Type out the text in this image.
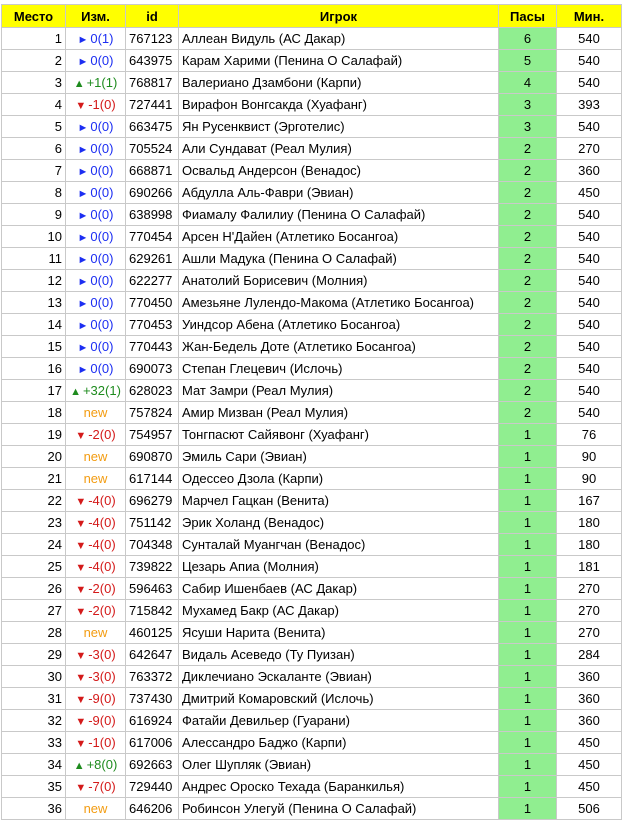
Место	Изм.	id	Игрок	Пасы	Мин.
1	► 0(1)	767123	Аллеан Видуль (АС Дакар)	6	540
2	► 0(0)	643975	Карам Харими (Пенина О Салафай)	5	540
3	▲ +1(1)	768817	Валериано Дзамбони (Карпи)	4	540
4	▼ -1(0)	727441	Вирафон Вонгсакда (Хуафанг)	3	393
5	► 0(0)	663475	Ян Русенквист (Эрготелис)	3	540
6	► 0(0)	705524	Али Сундават (Реал Мулия)	2	270
7	► 0(0)	668871	Освальд Андерсон (Венадос)	2	360
8	► 0(0)	690266	Абдулла Аль-Фаври (Эвиан)	2	450
9	► 0(0)	638998	Фиамалу Фалилиу (Пенина О Салафай)	2	540
10	► 0(0)	770454	Арсен Н'Дайен (Атлетико Босангоа)	2	540
11	► 0(0)	629261	Ашли Мадука (Пенина О Салафай)	2	540
12	► 0(0)	622277	Анатолий Борисевич (Молния)	2	540
13	► 0(0)	770450	Амезьяне Лулендо-Макома (Атлетико Босангоа)	2	540
14	► 0(0)	770453	Уиндсор Абена (Атлетико Босангоа)	2	540
15	► 0(0)	770443	Жан-Бедель Доте (Атлетико Босангоа)	2	540
16	► 0(0)	690073	Степан Глецевич (Ислочь)	2	540
17	▲ +32(1)	628023	Мат Замри (Реал Мулия)	2	540
18	new	757824	Амир Мизван (Реал Мулия)	2	540
19	▼ -2(0)	754957	Тонгпасют Сайявонг (Хуафанг)	1	76
20	new	690870	Эмиль Сари (Эвиан)	1	90
21	new	617144	Одессео Дзола (Карпи)	1	90
22	▼ -4(0)	696279	Марчел Гацкан (Венита)	1	167
23	▼ -4(0)	751142	Эрик Холанд (Венадос)	1	180
24	▼ -4(0)	704348	Сунталай Муангчан (Венадос)	1	180
25	▼ -4(0)	739822	Цезарь Апиа (Молния)	1	181
26	▼ -2(0)	596463	Сабир Ишенбаев (АС Дакар)	1	270
27	▼ -2(0)	715842	Мухамед Бакр (АС Дакар)	1	270
28	new	460125	Ясуши Нарита (Венита)	1	270
29	▼ -3(0)	642647	Видаль Асеведо (Ту Пуизан)	1	284
30	▼ -3(0)	763372	Диклечиано Эскаланте (Эвиан)	1	360
31	▼ -9(0)	737430	Дмитрий Комаровский (Ислочь)	1	360
32	▼ -9(0)	616924	Фатайи Девильер (Гуарани)	1	360
33	▼ -1(0)	617006	Алессандро Баджо (Карпи)	1	450
34	▲ +8(0)	692663	Олег Шупляк (Эвиан)	1	450
35	▼ -7(0)	729440	Андрес Ороско Техада (Баранкилья)	1	450
36	new	646206	Робинсон Улегуй (Пенина О Салафай)	1	506
